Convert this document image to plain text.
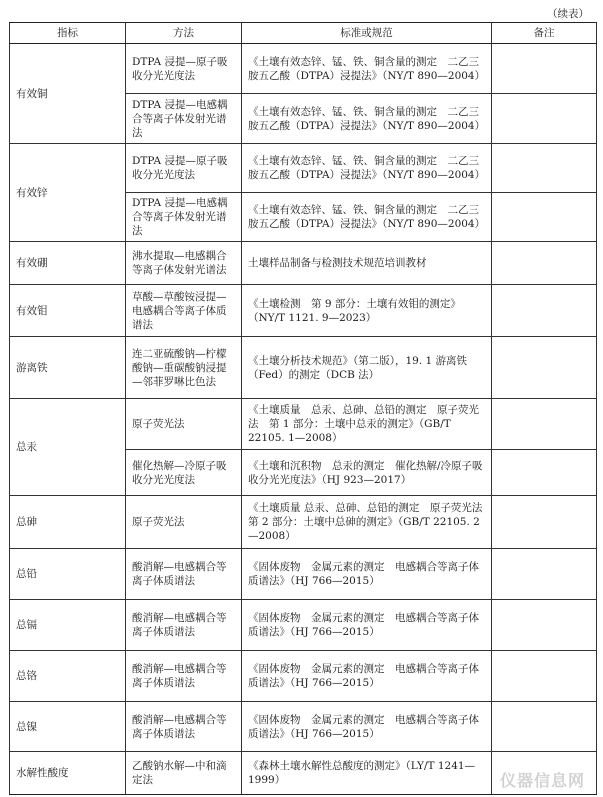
（续表）
指标	方法	标准或规范	备注
有效铜	DTPA 浸提—原子吸收分光光度法	《土壤有效态锌、锰、铁、铜含量的测定　二乙三胺五乙酸（DTPA）浸提法》（NY/T 890—2004）	
	DTPA 浸提—电感耦合等离子体发射光谱法	《土壤有效态锌、锰、铁、铜含量的测定　二乙三胺五乙酸（DTPA）浸提法》（NY/T 890—2004）	
有效锌	DTPA 浸提—原子吸收分光光度法	《土壤有效态锌、锰、铁、铜含量的测定　二乙三胺五乙酸（DTPA）浸提法》（NY/T 890—2004）	
	DTPA 浸提—电感耦合等离子体发射光谱法	《土壤有效态锌、锰、铁、铜含量的测定　二乙三胺五乙酸（DTPA）浸提法》（NY/T 890—2004）	
有效硼	沸水提取—电感耦合等离子体发射光谱法	土壤样品制备与检测技术规范培训教材	
有效钼	草酸—草酸铵浸提—电感耦合等离子体质谱法	《土壤检测　第 9 部分：土壤有效钼的测定》（NY/T 1121. 9—2023）	
游离铁	连二亚硫酸钠—柠檬酸钠—重碳酸钠浸提—邻菲罗啉比色法	《土壤分析技术规范》（第二版），19. 1 游离铁（Fed）的测定（DCB 法）	
总汞	原子荧光法	《土壤质量　总汞、总砷、总铅的测定　原子荧光法　第 1 部分：土壤中总汞的测定》（GB/T 22105. 1—2008）	
	催化热解—冷原子吸收分光光度法	《土壤和沉积物　总汞的测定　催化热解/冷原子吸收分光光度法》（HJ 923—2017）	
总砷	原子荧光法	《土壤质量 总汞、总砷、总铅的测定　原子荧光法　第 2 部分：土壤中总砷的测定》（GB/T 22105. 2—2008）	
总铅	酸消解—电感耦合等离子体质谱法	《固体废物　金属元素的测定　电感耦合等离子体质谱法》（HJ 766—2015）	
总镉	酸消解—电感耦合等离子体质谱法	《固体废物　金属元素的测定　电感耦合等离子体质谱法》（HJ 766—2015）	
总铬	酸消解—电感耦合等离子体质谱法	《固体废物　金属元素的测定　电感耦合等离子体质谱法》（HJ 766—2015）	
总镍	酸消解—电感耦合等离子体质谱法	《固体废物　金属元素的测定　电感耦合等离子体质谱法》（HJ 766—2015）	
水解性酸度	乙酸钠水解—中和滴定法	《森林土壤水解性总酸度的测定》（LY/T 1241—1999）		仪器信息网
